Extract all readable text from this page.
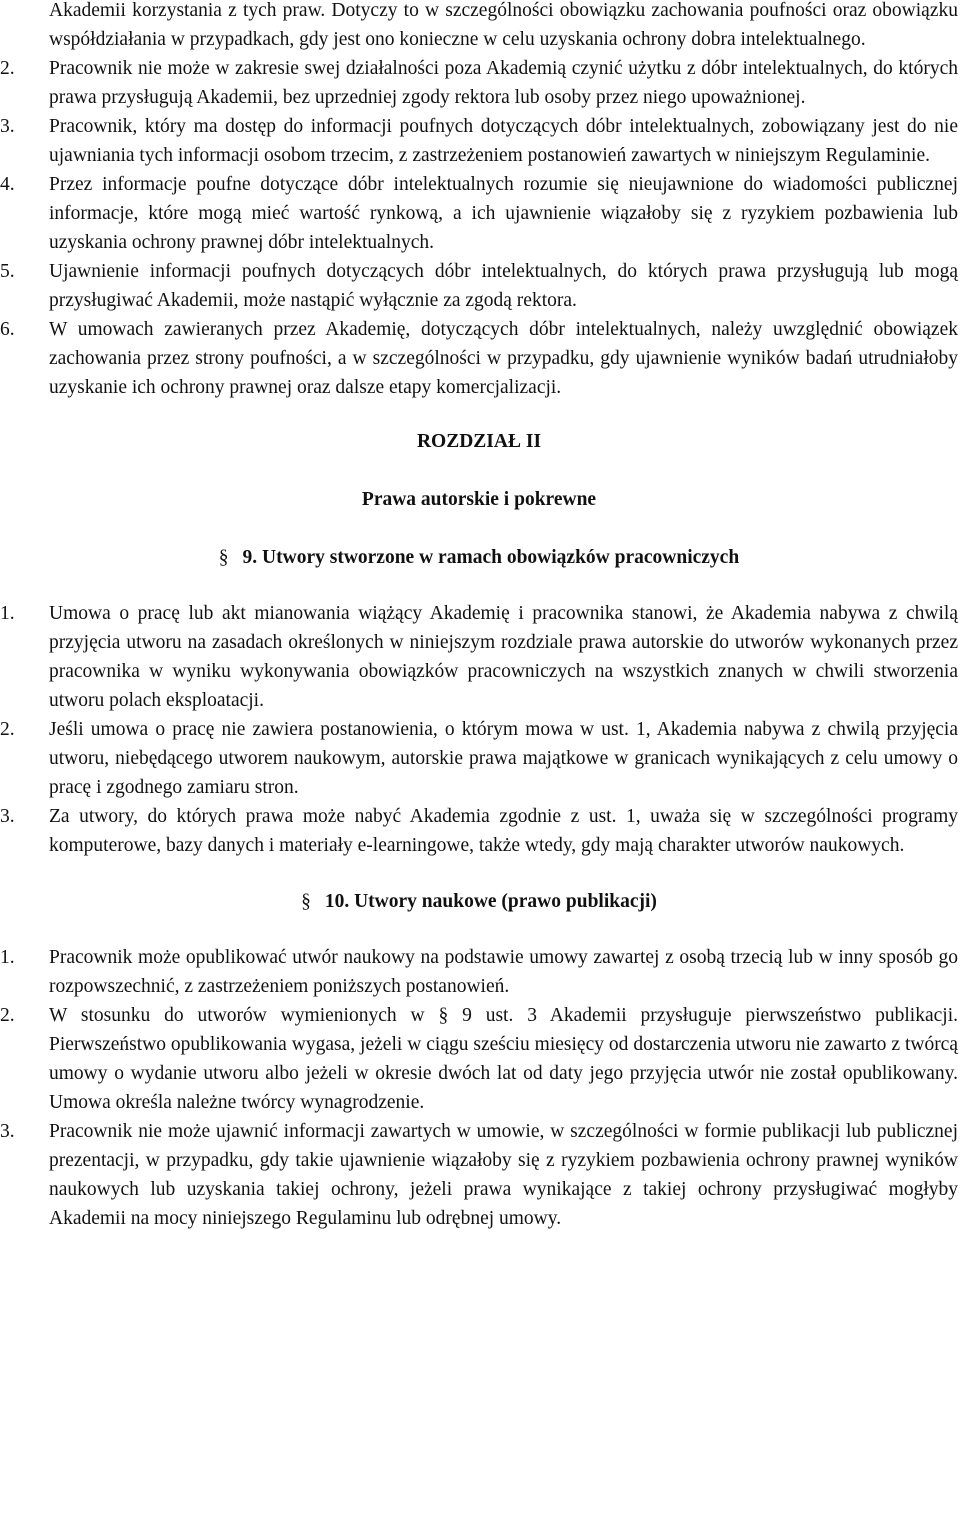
Akademii korzystania z tych praw. Dotyczy to w szczególności obowiązku zachowania poufności oraz obowiązku współdziałania w przypadkach, gdy jest ono konieczne w celu uzyskania ochrony dobra intelektualnego.

2.	Pracownik nie może w zakresie swej działalności poza Akademią czynić użytku z dóbr intelektualnych, do których prawa przysługują Akademii, bez uprzedniej zgody rektora lub osoby przez niego upoważnionej.
3.	Pracownik, który ma dostęp do informacji poufnych dotyczących dóbr intelektualnych, zobowiązany jest do nie ujawniania tych informacji osobom trzecim, z zastrzeżeniem postanowień zawartych w niniejszym Regulaminie.
4.	Przez informacje poufne dotyczące dóbr intelektualnych rozumie się nieujawnione do wiadomości publicznej informacje, które mogą mieć wartość rynkową, a ich ujawnienie wiązałoby się z ryzykiem pozbawienia lub uzyskania ochrony prawnej dóbr intelektualnych.
5.	Ujawnienie informacji poufnych dotyczących dóbr intelektualnych, do których prawa przysługują lub mogą przysługiwać Akademii, może nastąpić wyłącznie za zgodą rektora.
6.	W umowach zawieranych przez Akademię, dotyczących dóbr intelektualnych, należy uwzględnić obowiązek zachowania przez strony poufności, a w szczególności w przypadku, gdy ujawnienie wyników badań utrudniałoby uzyskanie ich ochrony prawnej oraz dalsze etapy komercjalizacji.

ROZDZIAŁ II

Prawa autorskie i pokrewne

§ 9. Utwory stworzone w ramach obowiązków pracowniczych

1.	Umowa o pracę lub akt mianowania wiążący Akademię i pracownika stanowi, że Akademia nabywa z chwilą przyjęcia utworu na zasadach określonych w niniejszym rozdziale prawa autorskie do utworów wykonanych przez pracownika w wyniku wykonywania obowiązków pracowniczych na wszystkich znanych w chwili stworzenia utworu polach eksploatacji.
2.	Jeśli umowa o pracę nie zawiera postanowienia, o którym mowa w ust. 1, Akademia nabywa z chwilą przyjęcia utworu, niebędącego utworem naukowym, autorskie prawa majątkowe w granicach wynikających z celu umowy o pracę i zgodnego zamiaru stron.
3.	Za utwory, do których prawa może nabyć Akademia zgodnie z ust. 1, uważa się w szczególności programy komputerowe, bazy danych i materiały e-learningowe, także wtedy, gdy mają charakter utworów naukowych.

§ 10. Utwory naukowe (prawo publikacji)

1.	Pracownik może opublikować utwór naukowy na podstawie umowy zawartej z osobą trzecią lub w inny sposób go rozpowszechnić, z zastrzeżeniem poniższych postanowień.
2.	W stosunku do utworów wymienionych w § 9 ust. 3 Akademii przysługuje pierwszeństwo publikacji. Pierwszeństwo opublikowania wygasa, jeżeli w ciągu sześciu miesięcy od dostarczenia utworu nie zawarto z twórcą umowy o wydanie utworu albo jeżeli w okresie dwóch lat od daty jego przyjęcia utwór nie został opublikowany. Umowa określa należne twórcy wynagrodzenie.
3.	Pracownik nie może ujawnić informacji zawartych w umowie, w szczególności w formie publikacji lub publicznej prezentacji, w przypadku, gdy takie ujawnienie wiązałoby się z ryzykiem pozbawienia ochrony prawnej wyników naukowych lub uzyskania takiej ochrony, jeżeli prawa wynikające z takiej ochrony przysługiwać mogłyby Akademii na mocy niniejszego Regulaminu lub odrębnej umowy.
